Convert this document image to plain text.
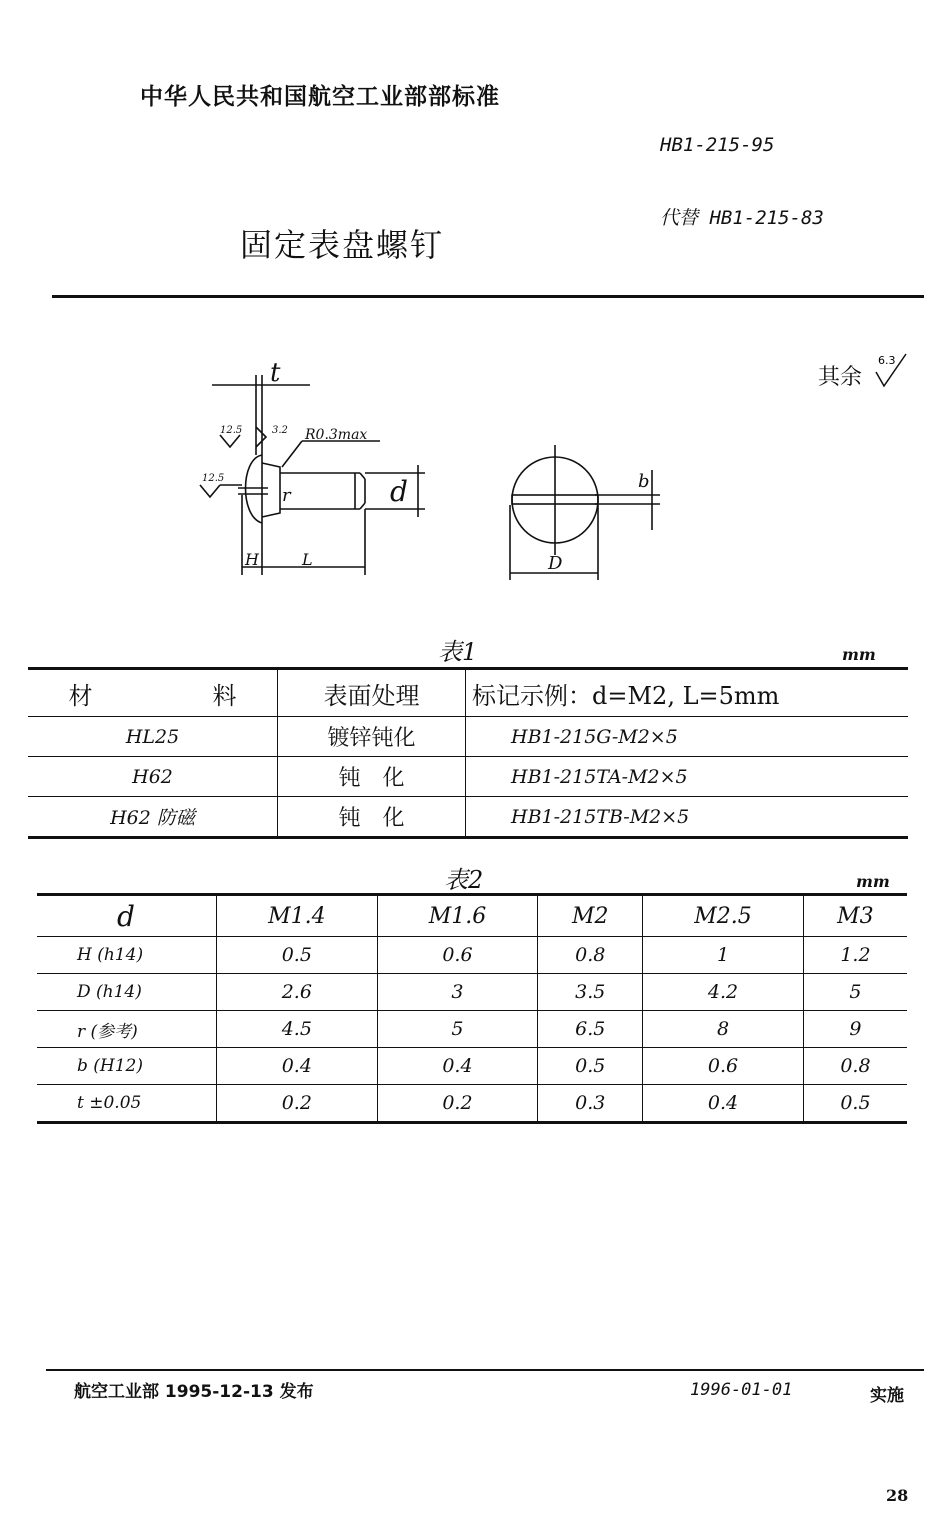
中华人民共和国航空工业部部标准
HB1-215-95
固定表盘螺钉
代替 HB1-215-83
其余
6.3
t
R0.3max
3.2
12.5
12.5
r	d
H	L
b
D
表1	mm
材　　　　　料	表面处理	标记示例：d=M2, L=5mm
HL25	镀锌钝化	HB1-215G-M2×5
H62	钝　化	HB1-215TA-M2×5
H62 防磁	钝　化	HB1-215TB-M2×5
表2	mm
d	M1.4	M1.6	M2	M2.5	M3
H (h14)	0.5	0.6	0.8	1	1.2
D (h14)	2.6	3	3.5	4.2	5
r (参考)	4.5	5	6.5	8	9
b (H12)	0.4	0.4	0.5	0.6	0.8
t ±0.05	0.2	0.2	0.3	0.4	0.5
航空工业部 1995-12-13 发布	1996-01-01	实施
28
